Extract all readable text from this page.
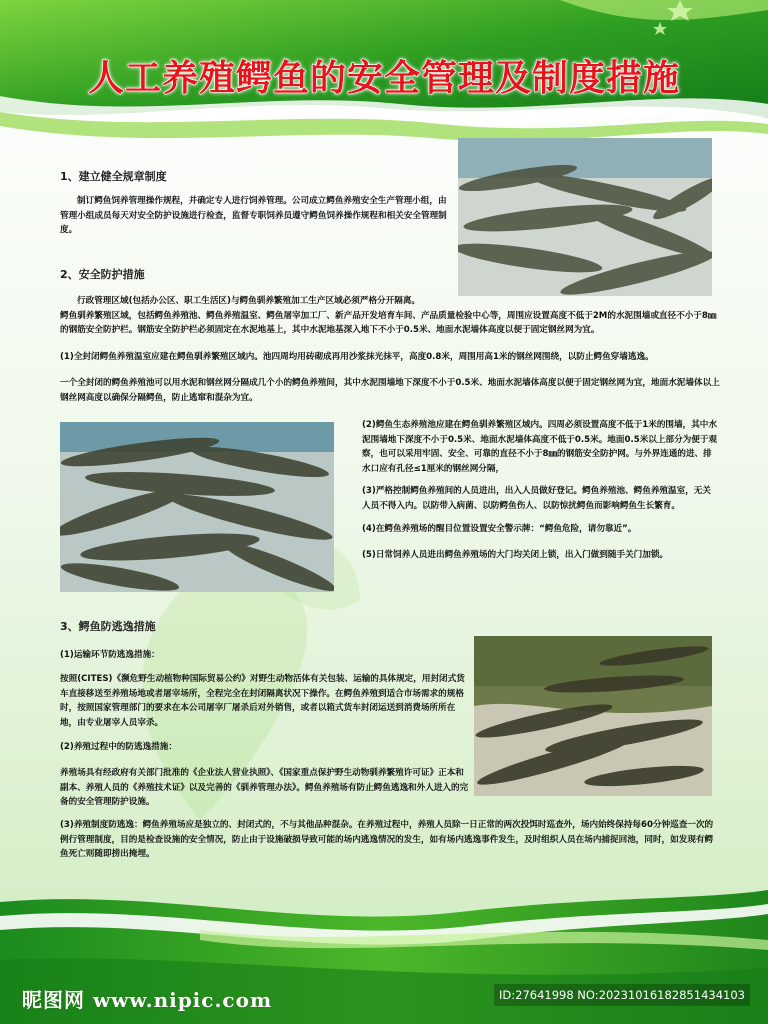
人工养殖鳄鱼的安全管理及制度措施
1、建立健全规章制度

制订鳄鱼饲养管理操作规程，并确定专人进行饲养管理。公司成立鳄鱼养殖安全生产管理小组，由管理小组成员每天对安全防护设施进行检查，监督专职饲养员遵守鳄鱼饲养操作规程和相关安全管理制度。

2、安全防护措施

行政管理区域(包括办公区、职工生活区)与鳄鱼驯养繁殖加工生产区域必须严格分开隔离。
鳄鱼驯养繁殖区域，包括鳄鱼养殖池、鳄鱼养殖温室、鳄鱼屠宰加工厂、新产品开发培育车间、产品质量检验中心等，周围应设置高度不低于2M的水泥围墙或直径不小于8㎜的钢筋安全防护栏。钢筋安全防护栏必须固定在水泥地基上，其中水泥地基深入地下不小于0.5米、地面水泥墙体高度以便于固定钢丝网为宜。

(1)全封闭鳄鱼养殖温室应建在鳄鱼驯养繁殖区域内。池四周均用砖砌成再用沙浆抹光抹平，高度0.8米，周围用高1米的钢丝网围绕，以防止鳄鱼穿墙逃逸。

一个全封闭的鳄鱼养殖池可以用水泥和钢丝网分隔成几个小的鳄鱼养殖间，其中水泥围墙地下深度不小于0.5米、地面水泥墙体高度以便于固定钢丝网为宜，地面水泥墙体以上钢丝网高度以确保分隔鳄鱼，防止逃窜和混杂为宜。

(2)鳄鱼生态养殖池应建在鳄鱼驯养繁殖区域内。四周必须设置高度不低于1米的围墙，其中水泥围墙地下深度不小于0.5米、地面水泥墙体高度不低于0.5米。地面0.5米以上部分为便于观察，也可以采用牢固、安全、可靠的直径不小于8㎜的钢筋安全防护网。与外界连通的进、排水口应有孔径≤1厘米的钢丝网分隔，

(3)严格控制鳄鱼养殖间的人员进出，出入人员做好登记。鳄鱼养殖池、鳄鱼养殖温室，无关人员不得入内。以防带入病菌、以防鳄鱼伤人、以防惊扰鳄鱼而影响鳄鱼生长繁育。

(4)在鳄鱼养殖场的醒目位置设置安全警示牌：“鳄鱼危险，请勿靠近”。

(5)日常饲养人员进出鳄鱼养殖场的大门均关闭上锁，出入门做到随手关门加锁。

3、鳄鱼防逃逸措施

(1)运输环节防逃逸措施：

按照(CITES)《濒危野生动植物种国际贸易公约》对野生动物活体有关包装、运输的具体规定，用封闭式货车直接移送至养殖场地或者屠宰场所，全程完全在封闭隔离状况下操作。在鳄鱼养殖到适合市场需求的规格时，按照国家管理部门的要求在本公司屠宰厂屠杀后对外销售，或者以箱式货车封闭运送到消费场所所在地，由专业屠宰人员宰杀。

(2)养殖过程中的防逃逸措施：

养殖场具有经政府有关部门批准的《企业法人营业执照》、《国家重点保护野生动物驯养繁殖许可证》正本和副本、养殖人员的《养殖技术证》以及完善的《驯养管理办法》。鳄鱼养殖场有防止鳄鱼逃逸和外人进入的完备的安全管理防护设施。

(3)养殖制度防逃逸：鳄鱼养殖场应是独立的、封闭式的，不与其他品种混杂。在养殖过程中，养殖人员除一日正常的两次投饵时巡查外，场内始终保持每60分钟巡查一次的例行管理制度，目的是检查设施的安全情况，防止由于设施破损导致可能的场内逃逸情况的发生，如有场内逃逸事件发生，及时组织人员在场内捕捉回池，同时，如发现有鳄鱼死亡则随即捞出掩埋。

昵图网 www.nipic.com	ID:27641998 NO:20231016182851434103
